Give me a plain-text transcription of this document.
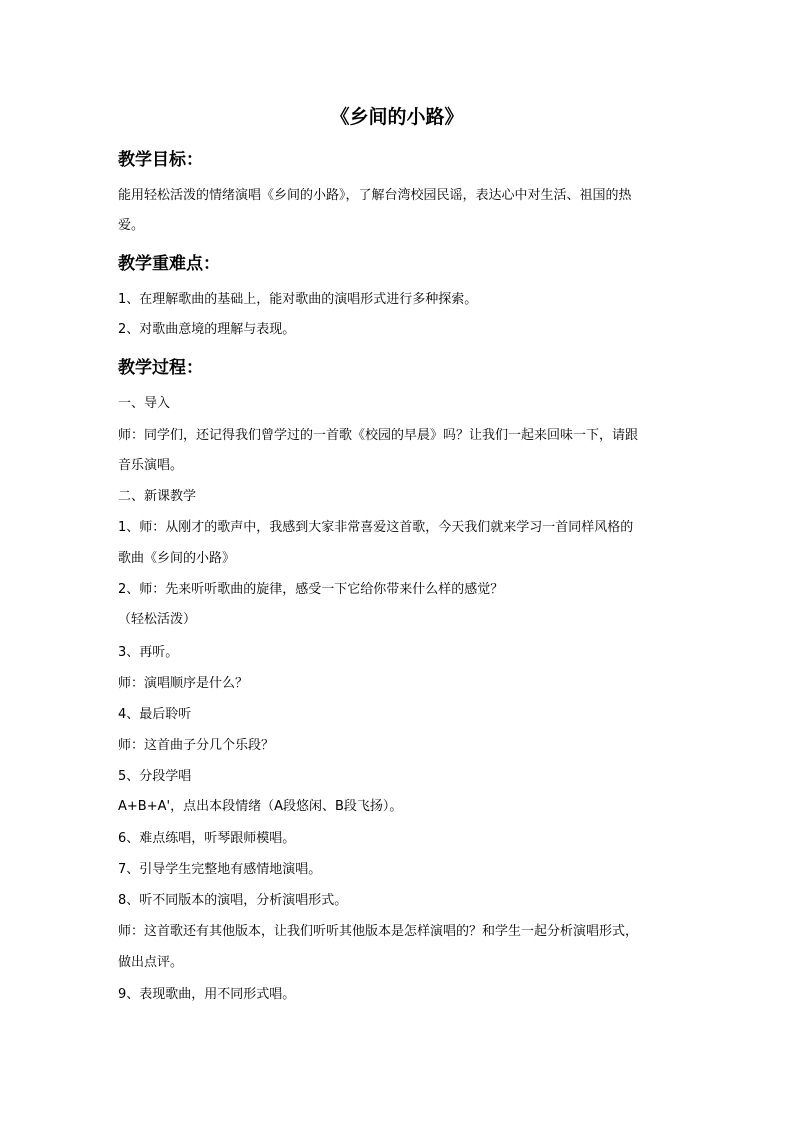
《乡间的小路》
教学目标：
能用轻松活泼的情绪演唱《乡间的小路》，了解台湾校园民谣，表达心中对生活、祖国的热
爱。
教学重难点：
1、在理解歌曲的基础上，能对歌曲的演唱形式进行多种探索。
2、对歌曲意境的理解与表现。
教学过程：
一、导入
师：同学们，还记得我们曾学过的一首歌《校园的早晨》吗？让我们一起来回味一下，请跟
音乐演唱。
二、新课教学
1、师：从刚才的歌声中，我感到大家非常喜爱这首歌，今天我们就来学习一首同样风格的
歌曲《乡间的小路》
2、师：先来听听歌曲的旋律，感受一下它给你带来什么样的感觉？
（轻松活泼）
3、再听。
师：演唱顺序是什么？
4、最后聆听
师：这首曲子分几个乐段？
5、分段学唱
A+B+A'，点出本段情绪（A段悠闲、B段飞扬）。
6、难点练唱，听琴跟师模唱。
7、引导学生完整地有感情地演唱。
8、听不同版本的演唱，分析演唱形式。
师：这首歌还有其他版本，让我们听听其他版本是怎样演唱的？和学生一起分析演唱形式，
做出点评。
9、表现歌曲，用不同形式唱。
